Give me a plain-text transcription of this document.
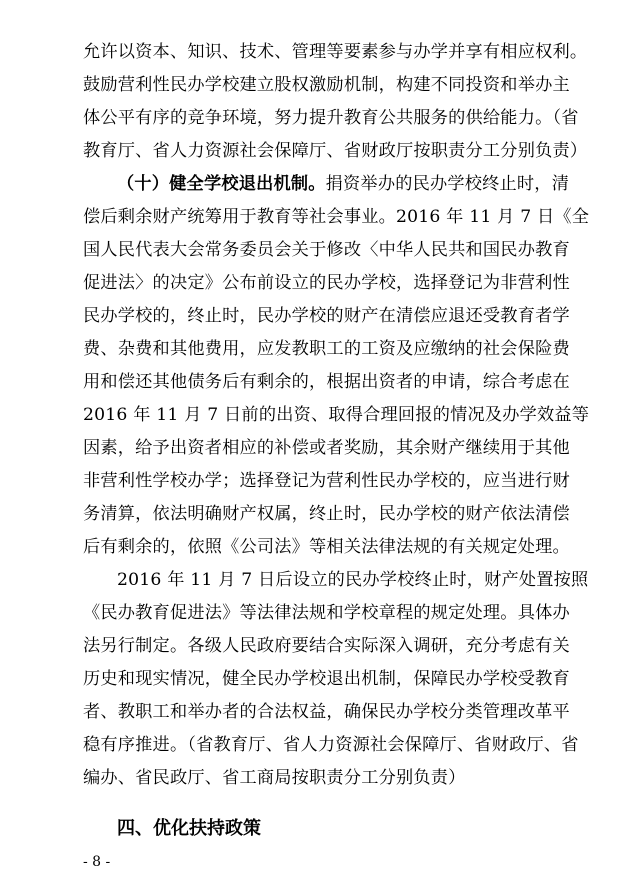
允许以资本、知识、技术、管理等要素参与办学并享有相应权利。
鼓励营利性民办学校建立股权激励机制，构建不同投资和举办主
体公平有序的竞争环境，努力提升教育公共服务的供给能力。（省
教育厅、省人力资源社会保障厅、省财政厅按职责分工分别负责）
（十）健全学校退出机制。捐资举办的民办学校终止时，清
偿后剩余财产统筹用于教育等社会事业。2016 年 11 月 7 日《全
国人民代表大会常务委员会关于修改〈中华人民共和国民办教育
促进法〉的决定》公布前设立的民办学校，选择登记为非营利性
民办学校的，终止时，民办学校的财产在清偿应退还受教育者学
费、杂费和其他费用，应发教职工的工资及应缴纳的社会保险费
用和偿还其他债务后有剩余的，根据出资者的申请，综合考虑在
2016 年 11 月 7 日前的出资、取得合理回报的情况及办学效益等
因素，给予出资者相应的补偿或者奖励，其余财产继续用于其他
非营利性学校办学；选择登记为营利性民办学校的，应当进行财
务清算，依法明确财产权属，终止时，民办学校的财产依法清偿
后有剩余的，依照《公司法》等相关法律法规的有关规定处理。
2016 年 11 月 7 日后设立的民办学校终止时，财产处置按照
《民办教育促进法》等法律法规和学校章程的规定处理。具体办
法另行制定。各级人民政府要结合实际深入调研，充分考虑有关
历史和现实情况，健全民办学校退出机制，保障民办学校受教育
者、教职工和举办者的合法权益，确保民办学校分类管理改革平
稳有序推进。（省教育厅、省人力资源社会保障厅、省财政厅、省
编办、省民政厅、省工商局按职责分工分别负责）
四、优化扶持政策
- 8 -
